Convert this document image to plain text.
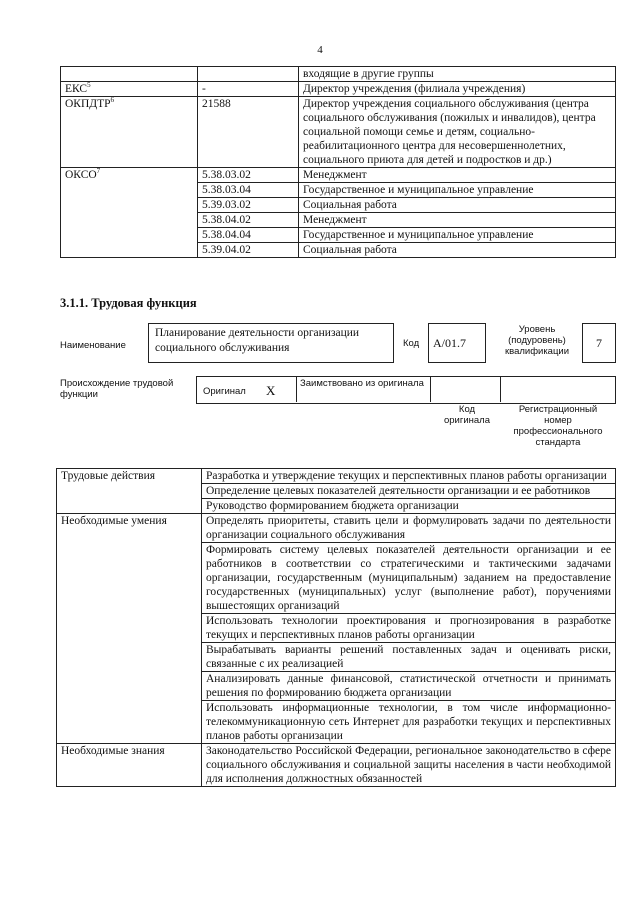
4
		входящие в другие группы
ЕКС$^5$	-	Директор учреждения (филиала учреждения)
ОКПДТР$^6$	21588	Директор учреждения социального обслуживания (центра социального обслуживания (пожилых и инвалидов), центра социальной помощи семье и детям, социально-реабилитационного центра для несовершеннолетних, социального приюта для детей и подростков и др.)
ОКСО$^7$	5.38.03.02	Менеджмент
	5.38.03.04	Государственное и муниципальное управление
	5.39.03.02	Социальная работа
	5.38.04.02	Менеджмент
	5.38.04.04	Государственное и муниципальное управление
	5.39.04.02	Социальная работа
3.1.1. Трудовая функция
Наименование
Планирование деятельности организации социального обслуживания	Код	А/01.7
Уровень (подуровень) квалификации
7
Происхождение трудовой функции	Оригинал X	Заимствовано из оригинала
Код оригинала
Регистрационный номер профессионального стандарта
Трудовые действия	Разработка и утверждение текущих и перспективных планов работы организации
	Определение целевых показателей деятельности организации и ее работников
	Руководство формированием бюджета организации
Необходимые умения	Определять приоритеты, ставить цели и формулировать задачи по деятельности организации социального обслуживания
	Формировать систему целевых показателей деятельности организации и ее работников в соответствии со стратегическими и тактическими задачами организации, государственным (муниципальным) заданием на предоставление государственных (муниципальных) услуг (выполнение работ), поручениями вышестоящих организаций
	Использовать технологии проектирования и прогнозирования в разработке текущих и перспективных планов работы организации
	Вырабатывать варианты решений поставленных задач и оценивать риски, связанные с их реализацией
	Анализировать данные финансовой, статистической отчетности и принимать решения по формированию бюджета организации
	Использовать информационные технологии, в том числе информационно-телекоммуникационную сеть Интернет для разработки текущих и перспективных планов работы организации
Необходимые знания	Законодательство Российской Федерации, региональное законодательство в сфере социального обслуживания и социальной защиты населения в части необходимой для исполнения должностных обязанностей
